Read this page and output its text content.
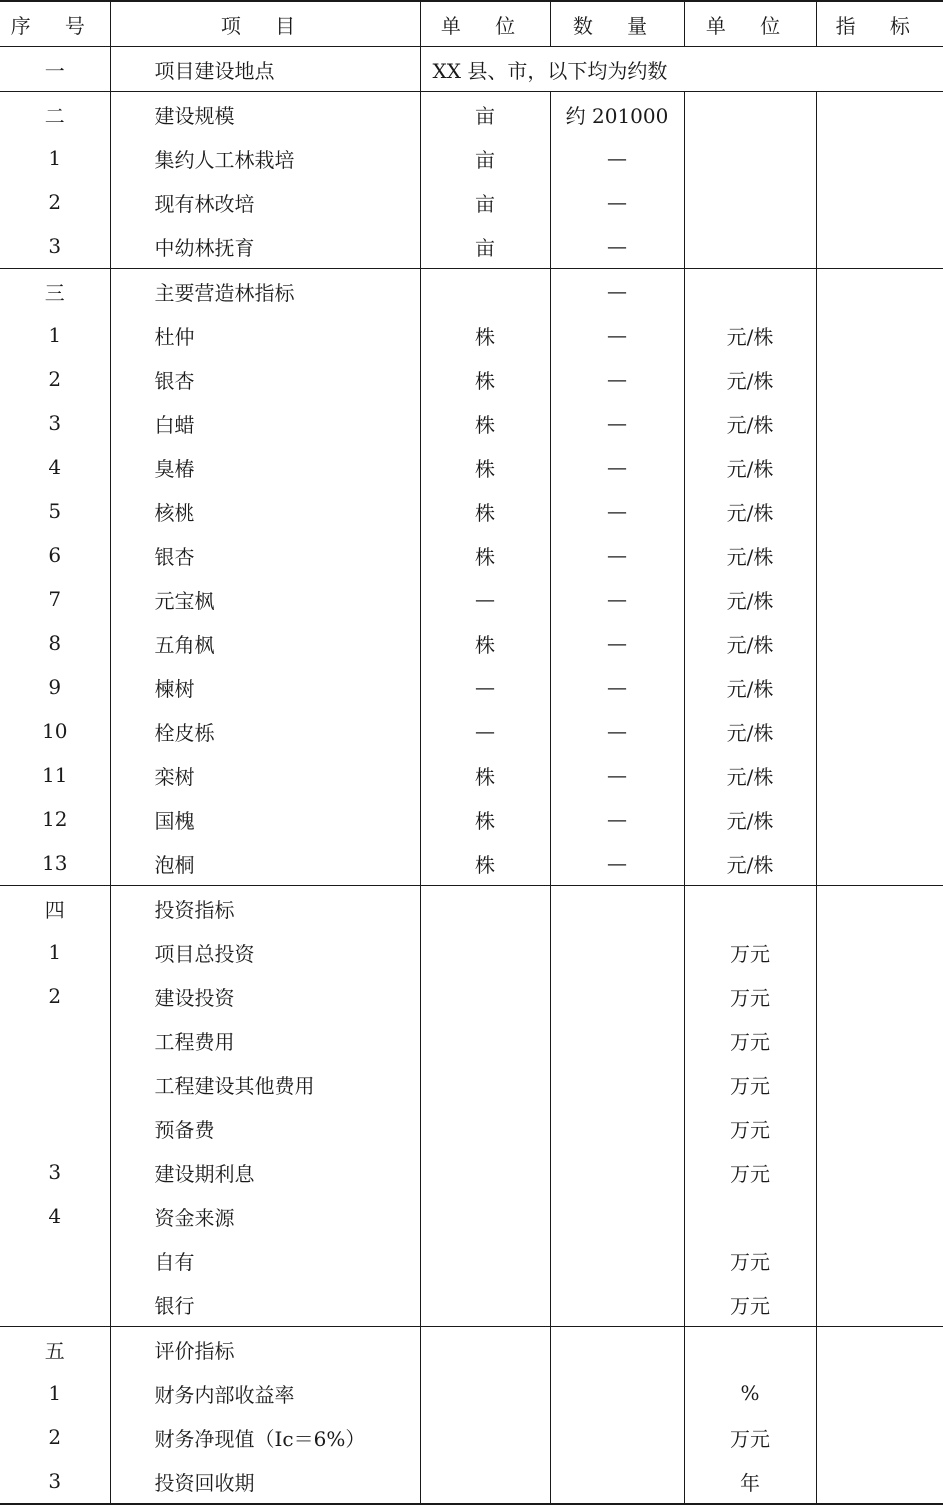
序 号	项 目	单 位	数 量	单 位	指 标
一	项目建设地点	XX 县、市，以下均为约数			
二	建设规模	亩	约 201000		
1	集约人工林栽培	亩	—		
2	现有林改培	亩	—		
3	中幼林抚育	亩	—		
三	主要营造林指标		—		
1	杜仲	株	—	元/株	
2	银杏	株	—	元/株	
3	白蜡	株	—	元/株	
4	臭椿	株	—	元/株	
5	核桃	株	—	元/株	
6	银杏	株	—	元/株	
7	元宝枫	—	—	元/株	
8	五角枫	株	—	元/株	
9	楝树	—	—	元/株	
10	栓皮栎	—	—	元/株	
11	栾树	株	—	元/株	
12	国槐	株	—	元/株	
13	泡桐	株	—	元/株	
四	投资指标				
1	项目总投资			万元	
2	建设投资			万元	
	工程费用			万元	
	工程建设其他费用			万元	
	预备费			万元	
3	建设期利息			万元	
4	资金来源				
	自有			万元	
	银行			万元	
五	评价指标				
1	财务内部收益率			%	
2	财务净现值（Ic＝6%）			万元	
3	投资回收期			年	
